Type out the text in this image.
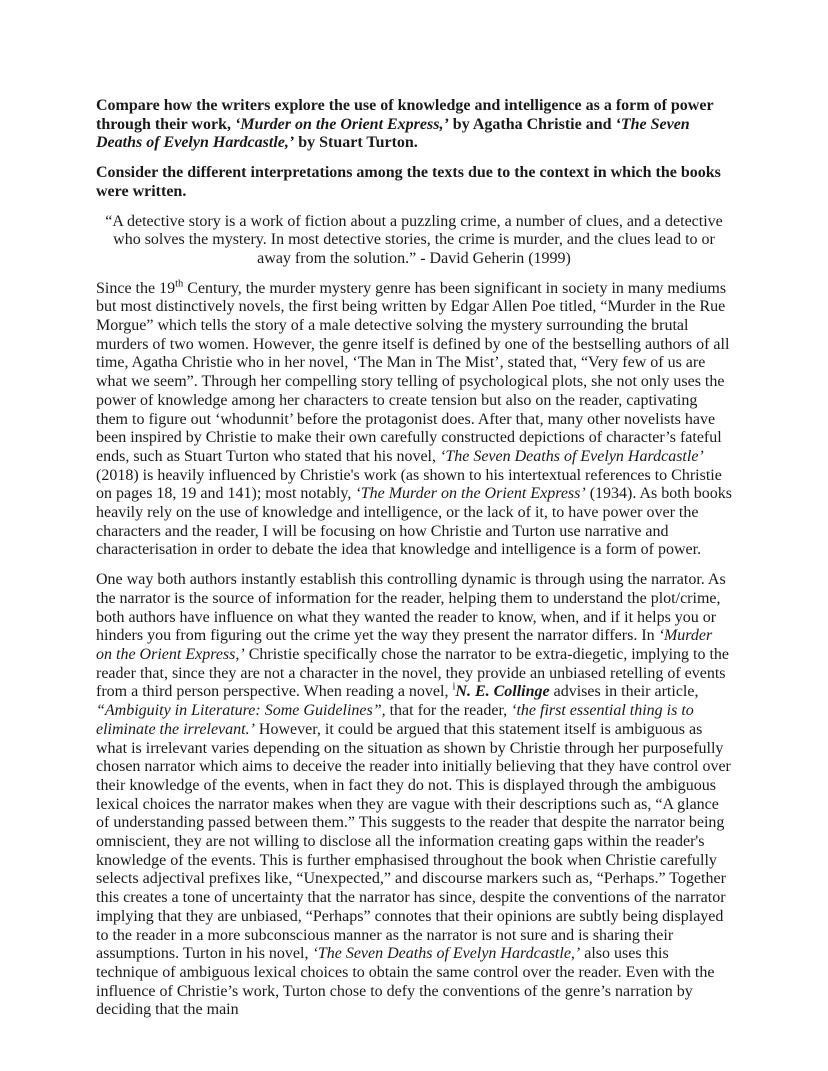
Compare how the writers explore the use of knowledge and intelligence as a form of power through their work, ‘Murder on the Orient Express,’ by Agatha Christie and ‘The Seven Deaths of Evelyn Hardcastle,’ by Stuart Turton.

Consider the different interpretations among the texts due to the context in which the books were written.

“A detective story is a work of fiction about a puzzling crime, a number of clues, and a detective who solves the mystery. In most detective stories, the crime is murder, and the clues lead to or away from the solution.” - David Geherin (1999)

Since the 19th Century, the murder mystery genre has been significant in society in many mediums but most distinctively novels, the first being written by Edgar Allen Poe titled, “Murder in the Rue Morgue” which tells the story of a male detective solving the mystery surrounding the brutal murders of two women. However, the genre itself is defined by one of the bestselling authors of all time, Agatha Christie who in her novel, ‘The Man in The Mist’, stated that, “Very few of us are what we seem”. Through her compelling story telling of psychological plots, she not only uses the power of knowledge among her characters to create tension but also on the reader, captivating them to figure out ‘whodunnit’ before the protagonist does. After that, many other novelists have been inspired by Christie to make their own carefully constructed depictions of character’s fateful ends, such as Stuart Turton who stated that his novel, ‘The Seven Deaths of Evelyn Hardcastle’ (2018) is heavily influenced by Christie's work (as shown to his intertextual references to Christie on pages 18, 19 and 141); most notably, ‘The Murder on the Orient Express’ (1934). As both books heavily rely on the use of knowledge and intelligence, or the lack of it, to have power over the characters and the reader, I will be focusing on how Christie and Turton use narrative and characterisation in order to debate the idea that knowledge and intelligence is a form of power.

One way both authors instantly establish this controlling dynamic is through using the narrator. As the narrator is the source of information for the reader, helping them to understand the plot/crime, both authors have influence on what they wanted the reader to know, when, and if it helps you or hinders you from figuring out the crime yet the way they present the narrator differs. In ‘Murder on the Orient Express,’ Christie specifically chose the narrator to be extra-diegetic, implying to the reader that, since they are not a character in the novel, they provide an unbiased retelling of events from a third person perspective. When reading a novel, $^i$N. E. Collinge advises in their article, “Ambiguity in Literature: Some Guidelines”, that for the reader, ‘the first essential thing is to eliminate the irrelevant.’ However, it could be argued that this statement itself is ambiguous as what is irrelevant varies depending on the situation as shown by Christie through her purposefully chosen narrator which aims to deceive the reader into initially believing that they have control over their knowledge of the events, when in fact they do not. This is displayed through the ambiguous lexical choices the narrator makes when they are vague with their descriptions such as, “A glance of understanding passed between them.” This suggests to the reader that despite the narrator being omniscient, they are not willing to disclose all the information creating gaps within the reader's knowledge of the events. This is further emphasised throughout the book when Christie carefully selects adjectival prefixes like, “Unexpected,” and discourse markers such as, “Perhaps.” Together this creates a tone of uncertainty that the narrator has since, despite the conventions of the narrator implying that they are unbiased, “Perhaps” connotes that their opinions are subtly being displayed to the reader in a more subconscious manner as the narrator is not sure and is sharing their assumptions. Turton in his novel, ‘The Seven Deaths of Evelyn Hardcastle,’ also uses this technique of ambiguous lexical choices to obtain the same control over the reader. Even with the influence of Christie’s work, Turton chose to defy the conventions of the genre’s narration by deciding that the main
